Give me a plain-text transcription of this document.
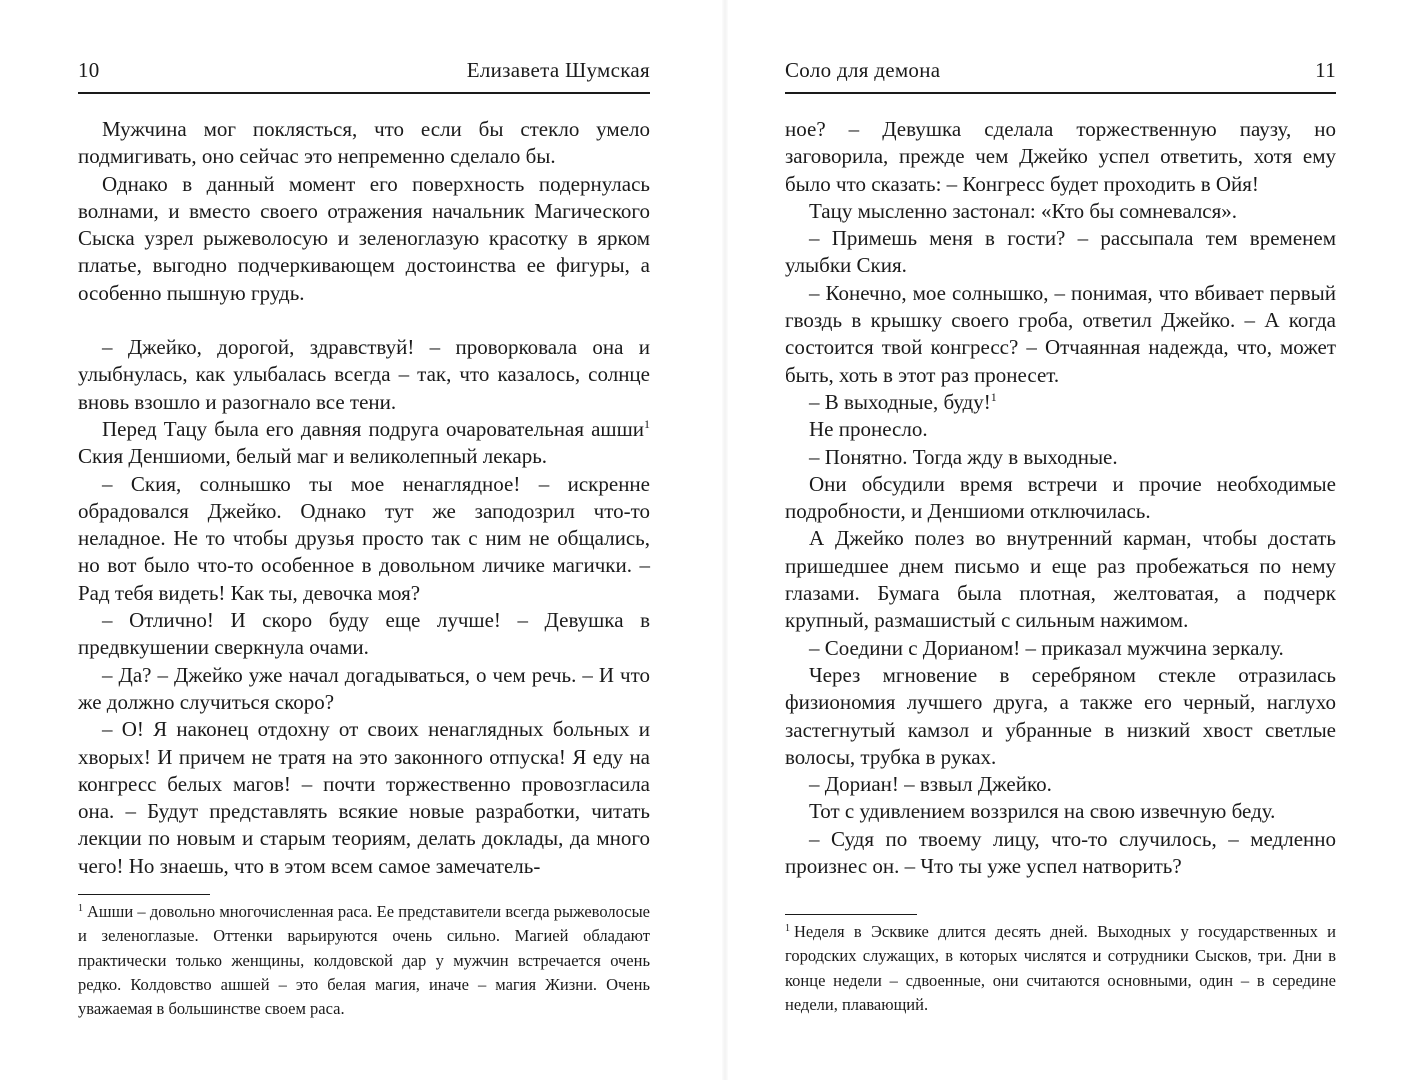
10	Елизавета Шумская

Мужчина мог поклясться, что если бы стекло умело подмигивать, оно сейчас это непременно сделало бы.

Однако в данный момент его поверхность подернулась волнами, и вместо своего отражения начальник Магического Сыска узрел рыжеволосую и зеленоглазую красотку в ярком платье, выгодно подчеркивающем достоинства ее фигуры, а особенно пышную грудь.

– Джейко, дорогой, здравствуй! – проворковала она и улыбнулась, как улыбалась всегда – так, что казалось, солнце вновь взошло и разогнало все тени.

Перед Тацу была его давняя подруга очаровательная ашши$^1$ Ския Деншиоми, белый маг и великолепный лекарь.

– Ския, солнышко ты мое ненаглядное! – искренне обрадовался Джейко. Однако тут же заподозрил что-то неладное. Не то чтобы друзья просто так с ним не общались, но вот было что-то особенное в довольном личике магички. – Рад тебя видеть! Как ты, девочка моя?

– Отлично! И скоро буду еще лучше! – Девушка в предвкушении сверкнула очами.

– Да? – Джейко уже начал догадываться, о чем речь. – И что же должно случиться скоро?

– О! Я наконец отдохну от своих ненаглядных больных и хворых! И причем не тратя на это законного отпуска! Я еду на конгресс белых магов! – почти торжественно провозгласила она. – Будут представлять всякие новые разработки, читать лекции по новым и старым теориям, делать доклады, да много чего! Но знаешь, что в этом всем самое замечатель-

$^1$ Ашши – довольно многочисленная раса. Ее представители всегда рыжеволосые и зеленоглазые. Оттенки варьируются очень сильно. Магией обладают практически только женщины, колдовской дар у мужчин встречается очень редко. Колдовство ашшей – это белая магия, иначе – магия Жизни. Очень уважаемая в большинстве своем раса.
Соло для демона	11

ное? – Девушка сделала торжественную паузу, но заговорила, прежде чем Джейко успел ответить, хотя ему было что сказать: – Конгресс будет проходить в Ойя!

Тацу мысленно застонал: «Кто бы сомневался».

– Примешь меня в гости? – рассыпала тем временем улыбки Ския.

– Конечно, мое солнышко, – понимая, что вбивает первый гвоздь в крышку своего гроба, ответил Джейко. – А когда состоится твой конгресс? – Отчаянная надежда, что, может быть, хоть в этот раз пронесет.

– В выходные, буду!$^1$

Не пронесло.

– Понятно. Тогда жду в выходные.

Они обсудили время встречи и прочие необходимые подробности, и Деншиоми отключилась.

А Джейко полез во внутренний карман, чтобы достать пришедшее днем письмо и еще раз пробежаться по нему глазами. Бумага была плотная, желтоватая, а подчерк крупный, размашистый с сильным нажимом.

– Соедини с Дорианом! – приказал мужчина зеркалу.

Через мгновение в серебряном стекле отразилась физиономия лучшего друга, а также его черный, наглухо застегнутый камзол и убранные в низкий хвост светлые волосы, трубка в руках.

– Дориан! – взвыл Джейко.

Тот с удивлением воззрился на свою извечную беду.

– Судя по твоему лицу, что-то случилось, – медленно произнес он. – Что ты уже успел натворить?

$^1$ Неделя в Эсквике длится десять дней. Выходных у государственных и городских служащих, в которых числятся и сотрудники Сысков, три. Дни в конце недели – сдвоенные, они считаются основными, один – в середине недели, плавающий.
